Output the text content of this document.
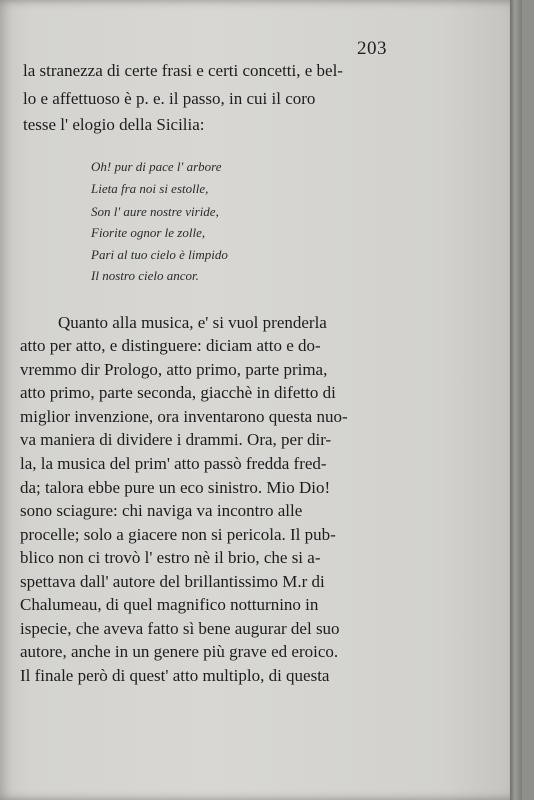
203
la stranezza di certe frasi e certi concetti, e bel-
lo e affettuoso è p. e. il passo, in cui il coro
tesse l' elogio della Sicilia:
Oh! pur di pace l' arbore
Lieta fra noi si estolle,
Son l' aure nostre viride,
Fiorite ognor le zolle,
Pari al tuo cielo è limpido
Il nostro cielo ancor.
Quanto alla musica, e' si vuol prenderla
atto per atto, e distinguere: diciam atto e do-
vremmo dir Prologo, atto primo, parte prima,
atto primo, parte seconda, giacchè in difetto di
miglior invenzione, ora inventarono questa nuo-
va maniera di dividere i drammi. Ora, per dir-
la, la musica del prim' atto passò fredda fred-
da; talora ebbe pure un eco sinistro. Mio Dio!
sono sciagure: chi naviga va incontro alle
procelle; solo a giacere non si pericola. Il pub-
blico non ci trovò l' estro nè il brio, che si a-
spettava dall' autore del brillantissimo M.r di
Chalumeau, di quel magnifico notturnino in
ispecie, che aveva fatto sì bene augurar del suo
autore, anche in un genere più grave ed eroico.
Il finale però di quest' atto multiplo, di questa
